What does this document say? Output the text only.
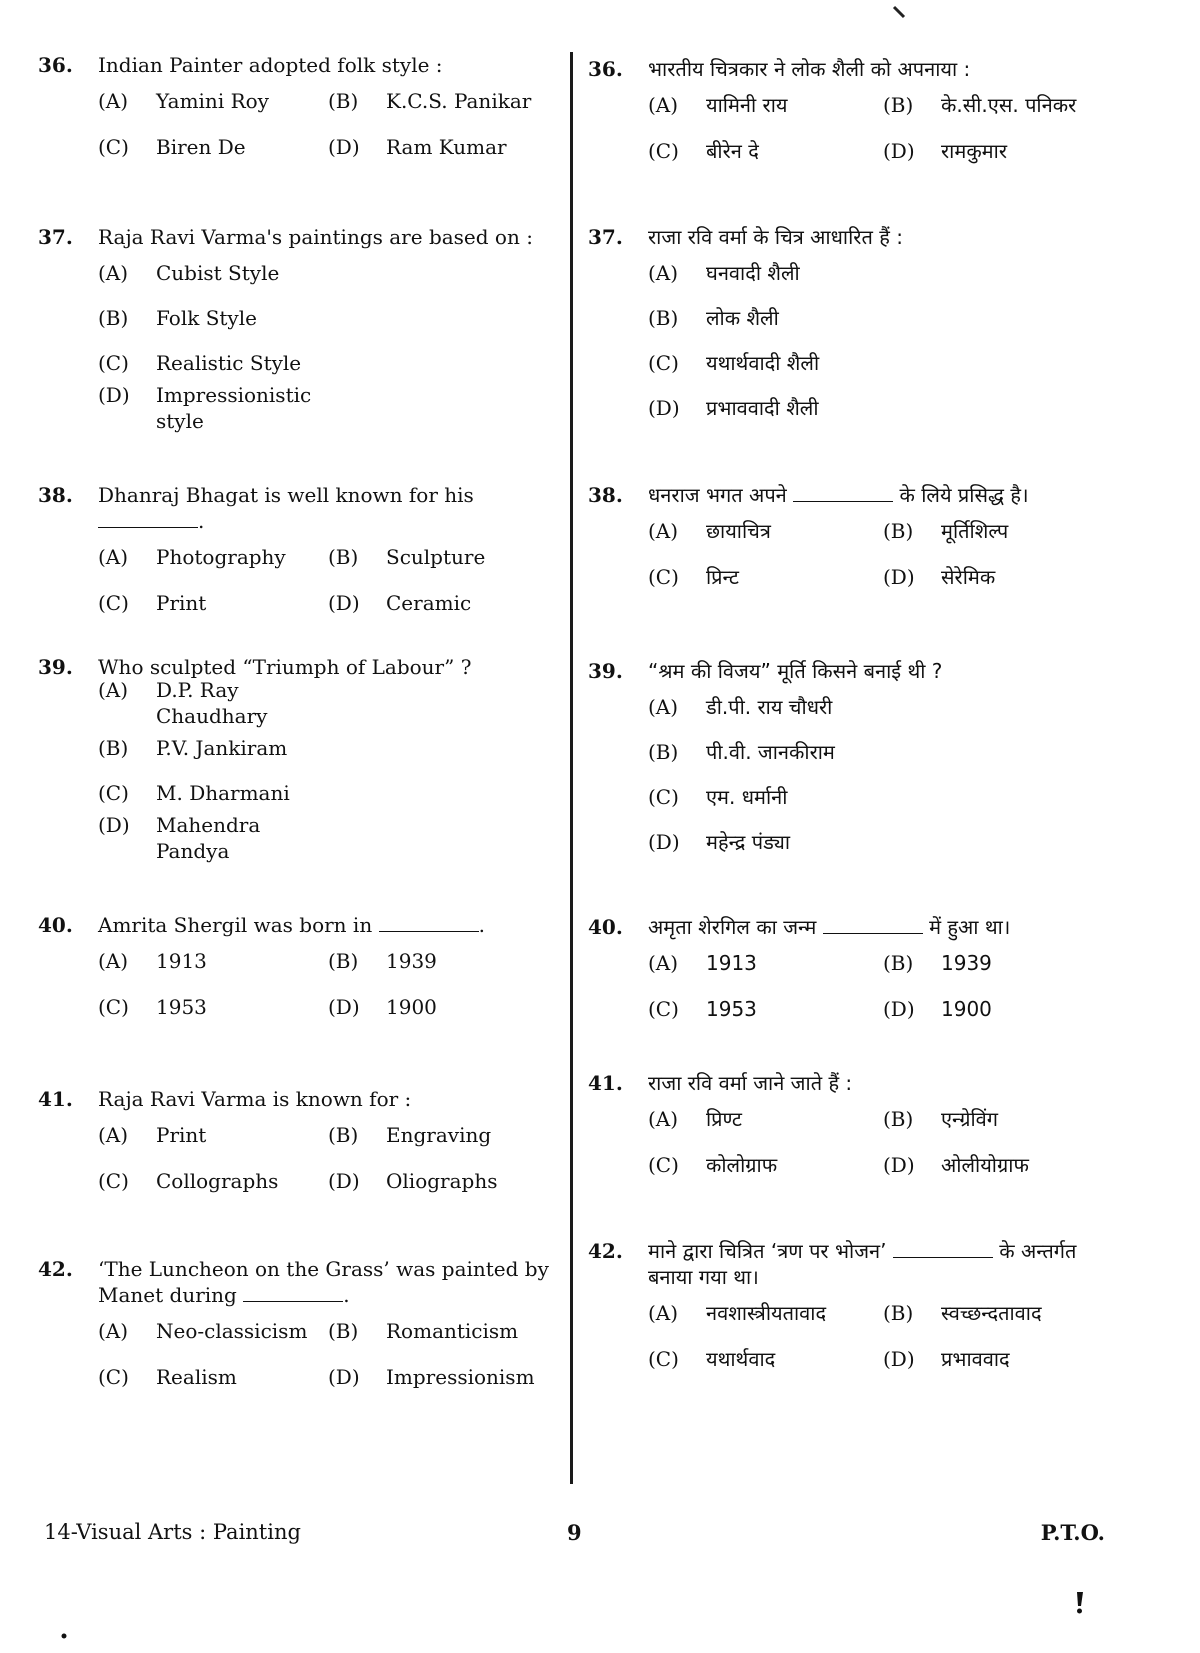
36.	Indian Painter adopted folk style :
(A)	Yamini Roy	(B)	K.C.S. Panikar
(C)	Biren De	(D)	Ram Kumar
37.	Raja Ravi Varma's paintings are based on :
(A)	Cubist Style
(B)	Folk Style
(C)	Realistic Style
(D)	Impressionistic style
38.	Dhanraj Bhagat is well known for his .
(A)	Photography (B)	Sculpture
(C)	Print	(D)	Ceramic
39.	Who sculpted “Triumph of Labour” ?
(A)	D.P. Ray Chaudhary
(B)	P.V. Jankiram
(C)	M. Dharmani
(D)	Mahendra Pandya
40.	Amrita Shergil was born in	.
(A)	1913	(B)	1939
(C)	1953	(D)	1900
41.	Raja Ravi Varma is known for :
(A)	Print	(B)	Engraving
(C)	Collographs (D)	Oliographs
42.	‘The Luncheon on the Grass’ was painted by Manet during	.
(A)	Neo-classicism (B)	Romanticism
(C)	Realism	(D)	Impressionism
36.	भारतीय चित्रकार ने लोक शैली को अपनाया :
(A)	यामिनी राय	(B)	के.सी.एस. पनिकर
(C)	बीरेन दे	(D)	रामकुमार
37.	राजा रवि वर्मा के चित्र आधारित हैं :
(A)	घनवादी शैली
(B)	लोक शैली
(C)	यथार्थवादी शैली
(D)	प्रभाववादी शैली
38.	धनराज भगत अपने	के लिये प्रसिद्ध है।
(A)	छायाचित्र	(B)	मूर्तिशिल्प
(C)	प्रिन्ट	(D)	सेरेमिक
39.	“श्रम की विजय” मूर्ति किसने बनाई थी ?
(A)	डी.पी. राय चौधरी
(B)	पी.वी. जानकीराम
(C)	एम. धर्मानी
(D)	महेन्द्र पंड्या
40.	अमृता शेरगिल का जन्म	में हुआ था।
(A)	1913	(B)	1939
(C)	1953	(D)	1900
41.	राजा रवि वर्मा जाने जाते हैं :
(A)	प्रिण्ट	(B)	एन्ग्रेविंग
(C)	कोलोग्राफ	(D)	ओलीयोग्राफ
42.	माने द्वारा चित्रित ‘त्रण पर भोजन’	के अन्तर्गत बनाया गया था।
(A)	नवशास्त्रीयतावाद	(B)	स्वच्छन्दतावाद
(C)	यथार्थवाद	(D)	प्रभाववाद
14-Visual Arts : Painting	9	P.T.O.
